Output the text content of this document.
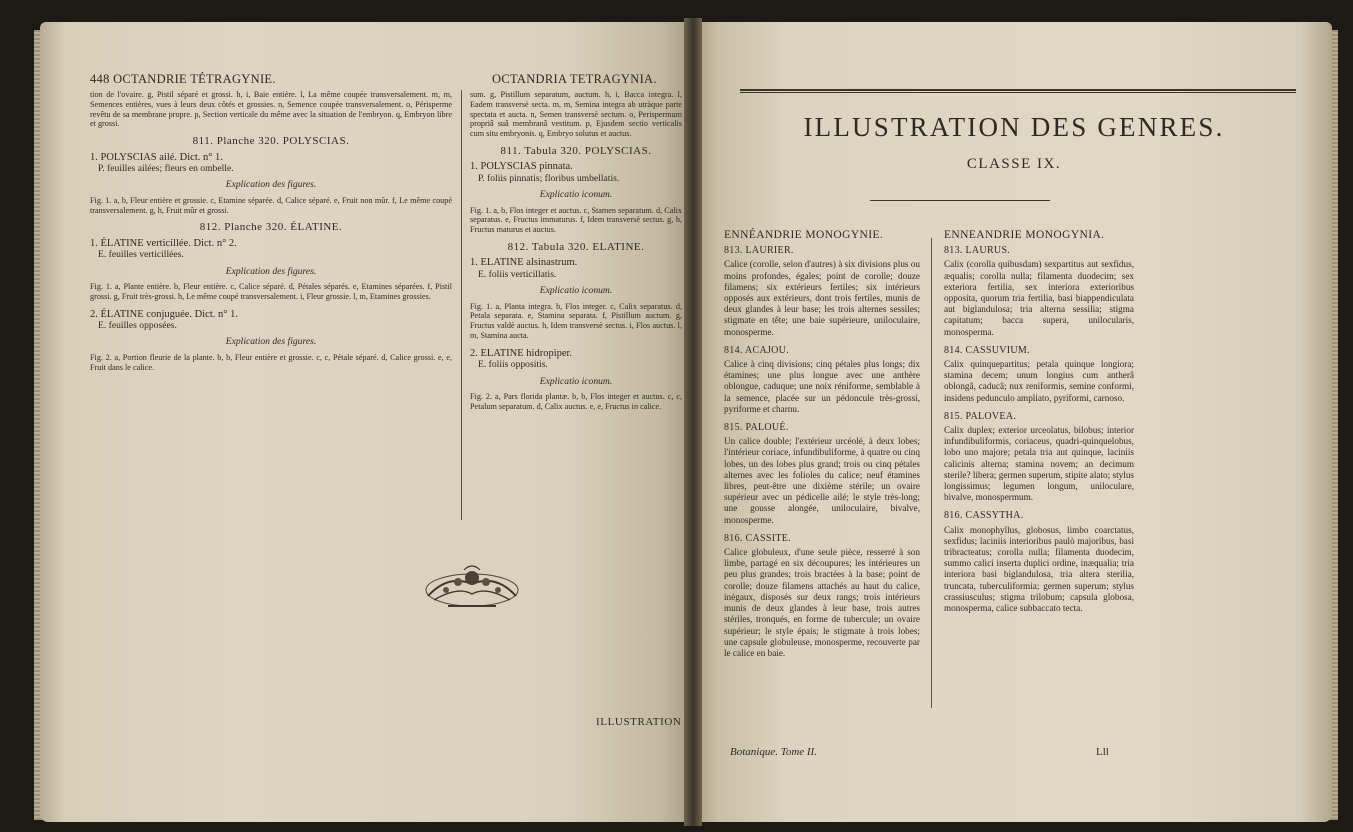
448 OCTANDRIE TÉTRAGYNIE.	OCTANDRIA TETRAGYNIA.

tion de l'ovaire. g, Pistil séparé et grossi. h, i, Baie entière. l, La même coupée transversalement. m, m, Semences entières, vues à leurs deux côtés et grossies. n, Semence coupée transversalement. o, Périsperme revêtu de sa membrane propre. p, Section verticale du même avec la situation de l'embryon. q, Embryon libre et grossi.

811. Planche 320. POLYSCIAS.
1. POLYSCIAS ailé. Dict. n° 1.
P. feuilles ailées; fleurs en ombelle.
Explication des figures.

Fig. 1. a, b, Fleur entière et grossie. c, Etamine séparée. d, Calice séparé. e, Fruit non mûr. f, Le même coupé transversalement. g, h, Fruit mûr et grossi.

812. Planche 320. ÉLATINE.
1. ÉLATINE verticillée. Dict. n° 2.
E. feuilles verticillées.
Explication des figures.

Fig. 1. a, Plante entière. b, Fleur entière. c, Calice séparé. d, Pétales séparés. e, Etamines séparées. f, Pistil grossi. g, Fruit très-grossi. h, Le même coupé transversalement. i, Fleur grossie. l, m, Etamines grossies.

2. ÉLATINE conjuguée. Dict. n° 1.
E. feuilles opposées.
Explication des figures.

Fig. 2. a, Portion fleurie de la plante. b, b, Fleur entière et grossie. c, c, Pétale séparé. d, Calice grossi. e, e, Fruit dans le calice.

sum. g, Pistillum separatum, auctum. h, i, Bacca integra. l, Eadem transversè secta. m, m, Semina integra ab utràque parte spectata et aucta. n, Semen transversè sectum. o, Perispermum propriâ suâ membranâ vestitum. p, Ejusdem sectio verticalis cum situ embryonis. q, Embryo solutus et auctus.

811. Tabula 320. POLYSCIAS.
1. POLYSCIAS pinnata.
P. foliis pinnatis; floribus umbellatis.
Explicatio iconum.

Fig. 1. a, b, Flos integer et auctus. c, Stamen separatum. d, Calix separatus. e, Fructus immaturus. f, Idem transversè sectus. g, h, Fructus maturus et auctus.

812. Tabula 320. ELATINE.
1. ELATINE alsinastrum.
E. foliis verticillatis.
Explicatio iconum.

Fig. 1. a, Planta integra. b, Flos integer. c, Calix separatus. d, Petala separata. e, Stamina separata. f, Pistillum auctum. g, Fructus valdè auctus. h, Idem transversè sectus. i, Flos auctus. l, m, Stamina aucta.

2. ELATINE hidropiper.
E. foliis oppositis.
Explicatio iconum.

Fig. 2. a, Pars florida plantæ. b, b, Flos integer et auctus. c, c, Petalum separatum. d, Calix auctus. e, e, Fructus in calice.

ILLUSTRATION
ILLUSTRATION DES GENRES.
CLASSE IX.
ENNÉANDRIE MONOGYNIE.
813. LAURIER.

Calice (corolle, selon d'autres) à six divisions plus ou moins profondes, égales; point de corolle; douze filamens; six extérieurs fertiles; six intérieurs opposés aux extérieurs, dont trois fertiles, munis de deux glandes à leur base; les trois alternes sessiles; stigmate en tête; une baie supérieure, uniloculaire, monosperme.

814. ACAJOU.

Calice à cinq divisions; cinq pétales plus longs; dix étamines; une plus longue avec une anthère oblongue, caduque; une noix réniforme, semblable à la semence, placée sur un pédoncule très-grossi, pyriforme et charnu.

815. PALOUÉ.

Un calice double; l'extérieur urcéolé, à deux lobes; l'intérieur coriace, infundibuliforme, à quatre ou cinq lobes, un des lobes plus grand; trois ou cinq pétales alternes avec les folioles du calice; neuf étamines libres, peut-être une dixième stérile; un ovaire supérieur avec un pédicelle ailé; le style très-long; une gousse alongée, uniloculaire, bivalve, monosperme.

816. CASSITE.

Calice globuleux, d'une seule pièce, resserré à son limbe, partagé en six découpures; les intérieures un peu plus grandes; trois bractées à la base; point de corolle; douze filamens attachés au haut du calice, inégaux, disposés sur deux rangs; trois intérieurs munis de deux glandes à leur base, trois autres stériles, tronqués, en forme de tubercule; un ovaire supérieur; le style épais; le stigmate à trois lobes; une capsule globuleuse, monosperme, recouverte par le calice en baie.

ENNEANDRIE MONOGYNIA.
813. LAURUS.

Calix (corolla quibusdam) sexpartitus aut sexfidus, æqualis; corolla nulla; filamenta duodecim; sex exteriora fertilia, sex interiora exterioribus opposita, quorum tria fertilia, basi biappendiculata aut biglandulosa; tria alterna sessilia; stigma capitatum; bacca supera, unilocularis, monosperma.

814. CASSUVIUM.

Calix quinquepartitus; petala quinque longiora; stamina decem; unum longius cum antherâ oblongâ, caducâ; nux reniformis, semine conformi, insidens pedunculo ampliato, pyriformi, carnoso.

815. PALOVEA.

Calix duplex; exterior urceolatus, bilobus; interior infundibuliformis, coriaceus, quadri-quinquelobus, lobo uno majore; petala tria aut quinque, laciniis calicinis alterna; stamina novem; an decimum sterile? libera; germen superum, stipite alato; stylus longissimus; legumen longum, uniloculare, bivalve, monospermum.

816. CASSYTHA.

Calix monophyllus, globosus, limbo coarctatus, sexfidus; laciniis interioribus paulò majoribus, basi tribracteatus; corolla nulla; filamenta duodecim, summo calici inserta duplici ordine, inæqualia; tria interiora basi biglandulosa, tria altera sterilia, truncata, tuberculiformia; germen superum; stylus crassiusculus; stigma trilobum; capsula globosa, monosperma, calice subbaccato tecta.

Botanique. Tome II.	Lll
